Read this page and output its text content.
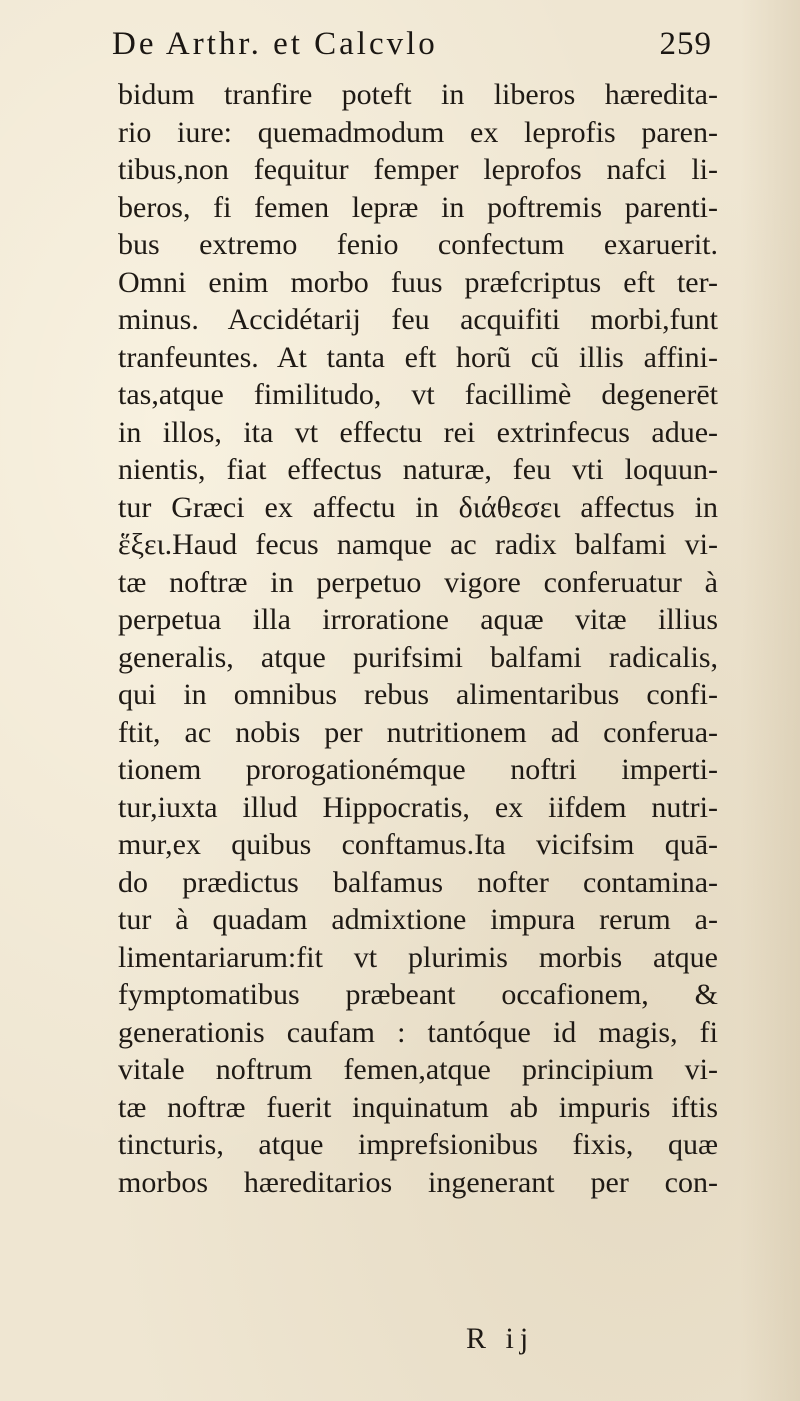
De Arthr. et Calcvlo	259
bidum tranfire poteft in liberos hæredita-
rio iure: quemadmodum ex leprofis paren-
tibus,non fequitur femper leprofos nafci li-
beros, fi femen lepræ in poftremis parenti-
bus extremo fenio confectum exaruerit.
Omni enim morbo fuus præfcriptus eft ter-
minus. Accidétarij feu acquifiti morbi,funt
tranfeuntes. At tanta eft horũ cũ illis affini-
tas,atque fimilitudo, vt facillimè degenerēt
in illos, ita vt effectu rei extrinfecus adue-
nientis, fiat effectus naturæ, feu vti loquun-
tur Græci ex affectu in διάθεσει affectus in
ἕξει.Haud fecus namque ac radix balfami vi-
tæ noftræ in perpetuo vigore conferuatur à
perpetua illa irroratione aquæ vitæ illius
generalis, atque purifsimi balfami radicalis,
qui in omnibus rebus alimentaribus confi-
ftit, ac nobis per nutritionem ad conferua-
tionem prorogationémque noftri imperti-
tur,iuxta illud Hippocratis, ex iifdem nutri-
mur,ex quibus conftamus.Ita vicifsim quā-
do prædictus balfamus nofter contamina-
tur à quadam admixtione impura rerum a-
limentariarum:fit vt plurimis morbis atque
fymptomatibus præbeant occafionem, &
generationis caufam : tantóque id magis, fi
vitale noftrum femen,atque principium vi-
tæ noftræ fuerit inquinatum ab impuris iftis
tincturis, atque imprefsionibus fixis, quæ
morbos hæreditarios ingenerant per con-
R ij
